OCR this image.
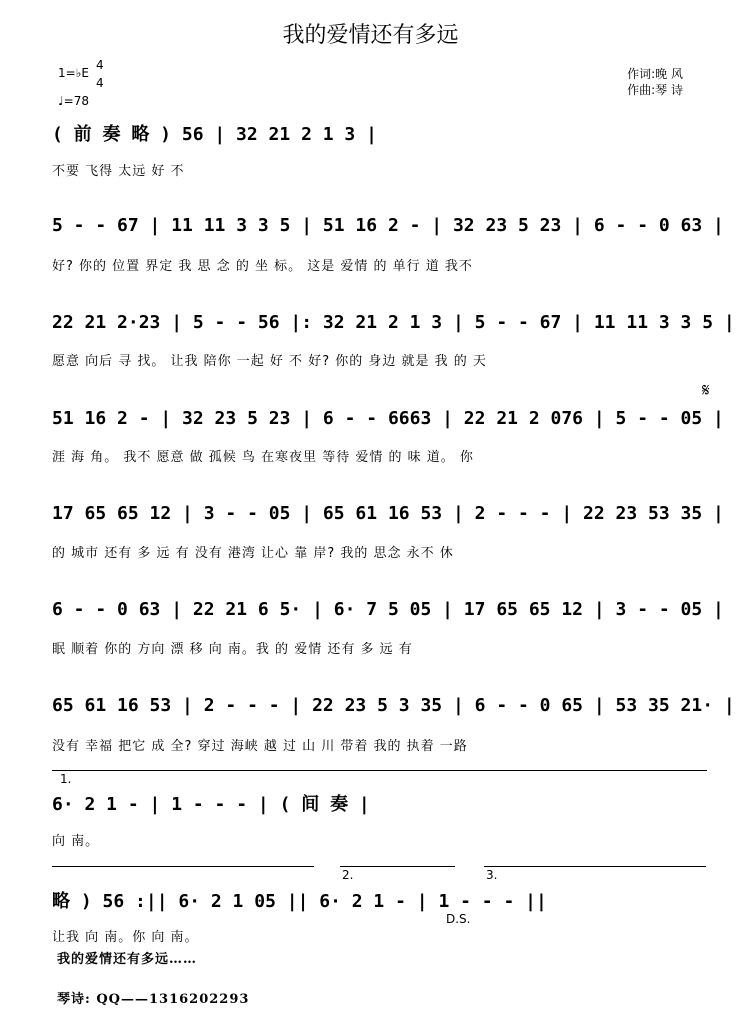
我的爱情还有多远
1=♭E
4
4
♩=78
作词:晚 风
作曲:琴 诗
𝄋
( 前 奏 略 ) 56 | 32 21 2 1 3 |
不要 飞得 太远 好 不
5 - - 67 | 11 11 3 3 5 | 51 16 2 - | 32 23 5 23 | 6 - - 0 63 |
好? 你的 位置 界定 我 思 念 的 坐 标。 这是 爱情 的 单行 道 我不
22 21 2·23 | 5 - - 56 |: 32 21 2 1 3 | 5 - - 67 | 11 11 3 3 5 |
愿意 向后 寻 找。 让我 陪你 一起 好 不 好? 你的 身边 就是 我 的 天
51 16 2 - | 32 23 5 23 | 6 - - 6663 | 22 21 2 076 | 5 - - 05 |
涯 海 角。 我不 愿意 做 孤候 鸟 在寒夜里 等待 爱情 的 味 道。 你
17 65 65 12 | 3 - - 05 | 65 61 16 53 | 2 - - - | 22 23 53 35 |
的 城市 还有 多 远 有 没有 港湾 让心 靠 岸? 我的 思念 永不 休
6 - - 0 63 | 22 21 6 5· | 6· 7 5 05 | 17 65 65 12 | 3 - - 05 |
眠 顺着 你的 方向 漂 移 向 南。我 的 爱情 还有 多 远 有
65 61 16 53 | 2 - - - | 22 23 5 3 35 | 6 - - 0 65 | 53 35 21· |
没有 幸福 把它 成 全? 穿过 海峡 越 过 山 川 带着 我的 执着 一路
1.
6· 2 1 - | 1 - - - | ( 间 奏 |
向 南。
2.	3.
略 ) 56 :|| 6· 2 1 05 || 6· 2 1 - | 1 - - - ||
D.S.
让我 向 南。你 向 南。
我的爱情还有多远……
琴诗: QQ——1316202293
